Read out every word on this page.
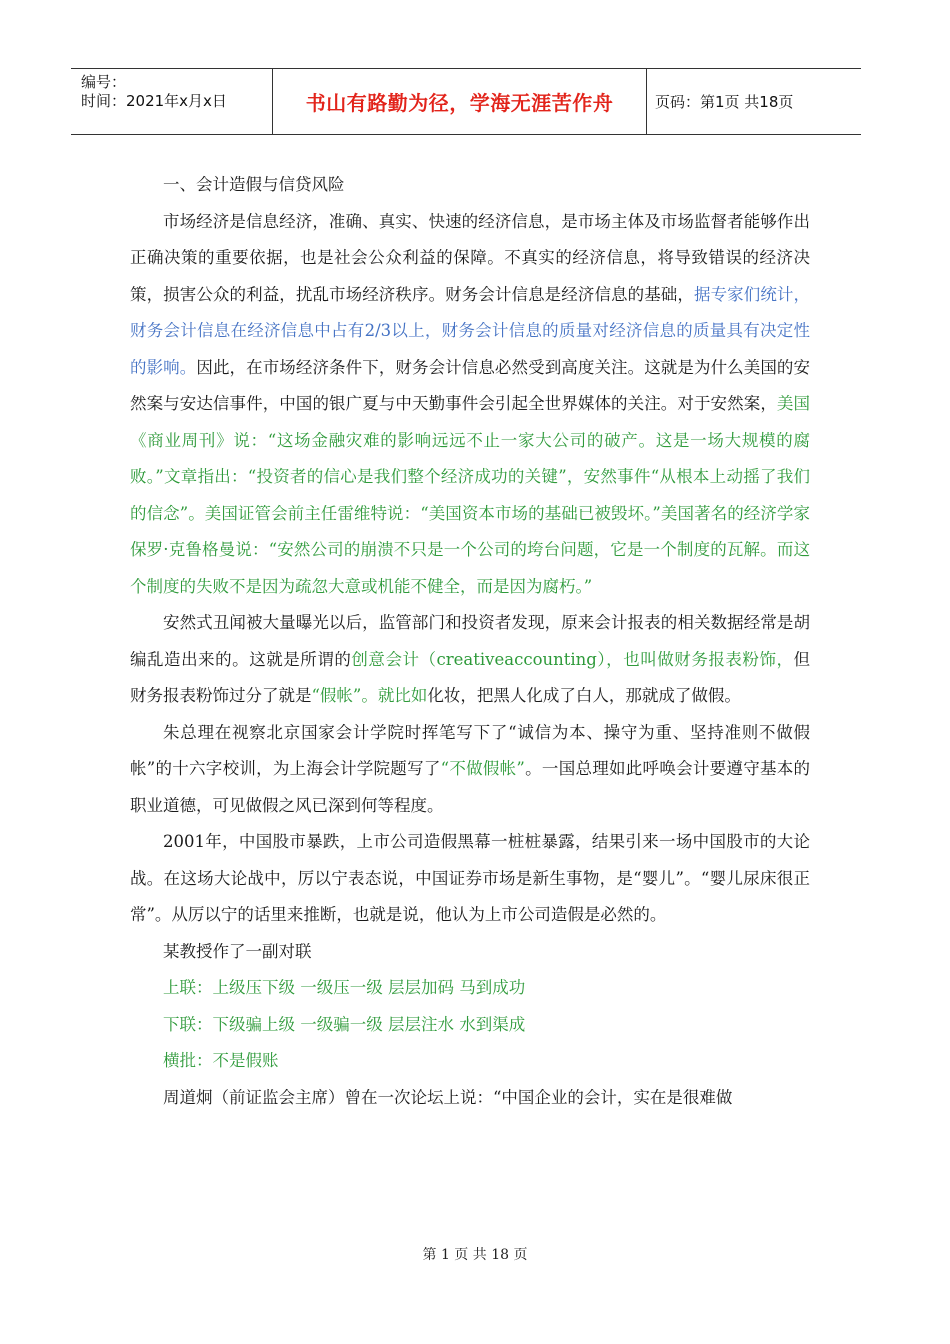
编号：
时间：2021年x月x日	书山有路勤为径，学海无涯苦作舟	页码：第1页 共18页

一、会计造假与信贷风险

市场经济是信息经济，准确、真实、快速的经济信息，是市场主体及市场监督者能够作出正确决策的重要依据，也是社会公众利益的保障。不真实的经济信息，将导致错误的经济决策，损害公众的利益，扰乱市场经济秩序。财务会计信息是经济信息的基础，据专家们统计，财务会计信息在经济信息中占有2/3以上，财务会计信息的质量对经济信息的质量具有决定性的影响。因此，在市场经济条件下，财务会计信息必然受到高度关注。这就是为什么美国的安然案与安达信事件，中国的银广夏与中天勤事件会引起全世界媒体的关注。对于安然案，美国《商业周刊》说：“这场金融灾难的影响远远不止一家大公司的破产。这是一场大规模的腐败。”文章指出：“投资者的信心是我们整个经济成功的关键”，安然事件“从根本上动摇了我们的信念”。美国证管会前主任雷维特说：“美国资本市场的基础已被毁坏。”美国著名的经济学家保罗·克鲁格曼说：“安然公司的崩溃不只是一个公司的垮台问题，它是一个制度的瓦解。而这个制度的失败不是因为疏忽大意或机能不健全，而是因为腐朽。”

安然式丑闻被大量曝光以后，监管部门和投资者发现，原来会计报表的相关数据经常是胡编乱造出来的。这就是所谓的创意会计（creativeaccounting），也叫做财务报表粉饰，但财务报表粉饰过分了就是“假帐”。就比如化妆，把黑人化成了白人，那就成了做假。

朱总理在视察北京国家会计学院时挥笔写下了“诚信为本、操守为重、坚持准则不做假帐”的十六字校训，为上海会计学院题写了“不做假帐”。一国总理如此呼唤会计要遵守基本的职业道德，可见做假之风已深到何等程度。

2001年，中国股市暴跌，上市公司造假黑幕一桩桩暴露，结果引来一场中国股市的大论战。在这场大论战中，厉以宁表态说，中国证券市场是新生事物，是“婴儿”。“婴儿尿床很正常”。从厉以宁的话里来推断，也就是说，他认为上市公司造假是必然的。

某教授作了一副对联

上联：上级压下级 一级压一级 层层加码 马到成功

下联：下级骗上级 一级骗一级 层层注水 水到渠成

横批：不是假账

周道炯（前证监会主席）曾在一次论坛上说：“中国企业的会计，实在是很难做

第 1 页 共 18 页
